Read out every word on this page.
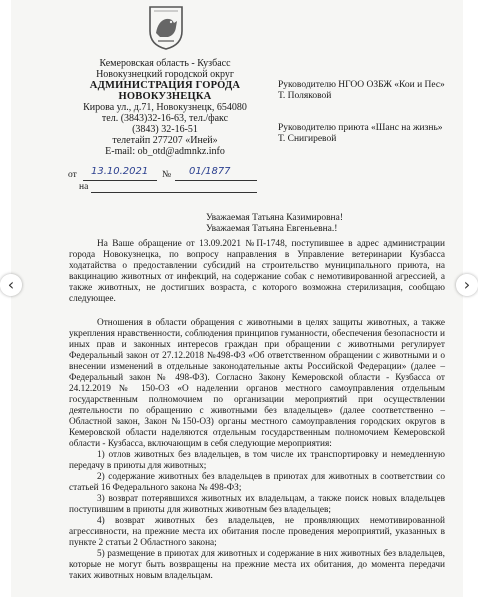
Кемеровская область - Кузбасс
Новокузнецкий городской округ
АДМИНИСТРАЦИЯ ГОРОДА
НОВОКУЗНЕЦКА
Кирова ул., д.71, Новокузнецк, 654080
тел. (3843)32-16-63, тел./факс
(3843) 32-16-51
телетайп 277207 «Иней»
E-mail: ob_otd@admnkz.info

Руководителю НГОО ОЗБЖ «Кои и Пес»
Т. Поляковой

Руководителю приюта «Шанс на жизнь»
Т. Снигиревой

от 13.10.2021 № 01/1877
на
Уважаемая Татьяна Казимировна!
Уважаемая Татьяна Евгеньевна.!

На Ваше обращение от 13.09.2021 №П-1748, поступившее в адрес администрации города Новокузнецка, по вопросу направления в Управление ветеринарии Кузбасса ходатайства о предоставлении субсидий на строительство муниципального приюта, на вакцинацию животных от инфекций, на содержание собак с немотивированной агрессией, а также животных, не достигших возраста, с которого возможна стерилизация, сообщаю следующее.

Отношения в области обращения с животными в целях защиты животных, а также укрепления нравственности, соблюдения принципов гуманности, обеспечения безопасности и иных прав и законных интересов граждан при обращении с животными регулирует Федеральный закон от 27.12.2018 №498-ФЗ «Об ответственном обращении с животными и о внесении изменений в отдельные законодательные акты Российской Федерации» (далее – Федеральный закон № 498-ФЗ). Согласно Закону Кемеровской области - Кузбасса от 24.12.2019 № 150-ОЗ «О наделении органов местного самоуправления отдельным государственным полномочием по организации мероприятий при осуществлении деятельности по обращению с животными без владельцев» (далее соответственно – Областной закон, Закон №150-ОЗ) органы местного самоуправления городских округов в Кемеровской области наделяются отдельным государственным полномочием Кемеровской области - Кузбасса, включающим в себя следующие мероприятия:

1) отлов животных без владельцев, в том числе их транспортировку и немедленную передачу в приюты для животных;

2) содержание животных без владельцев в приютах для животных в соответствии со статьей 16 Федерального закона № 498-ФЗ;

3) возврат потерявшихся животных их владельцам, а также поиск новых владельцев поступившим в приюты для животных животным без владельцев;

4) возврат животных без владельцев, не проявляющих немотивированной агрессивности, на прежние места их обитания после проведения мероприятий, указанных в пункте 2 статьи 2 Областного закона;

5) размещение в приютах для животных и содержание в них животных без владельцев, которые не могут быть возвращены на прежние места их обитания, до момента передачи таких животных новым владельцам.

‹	›
